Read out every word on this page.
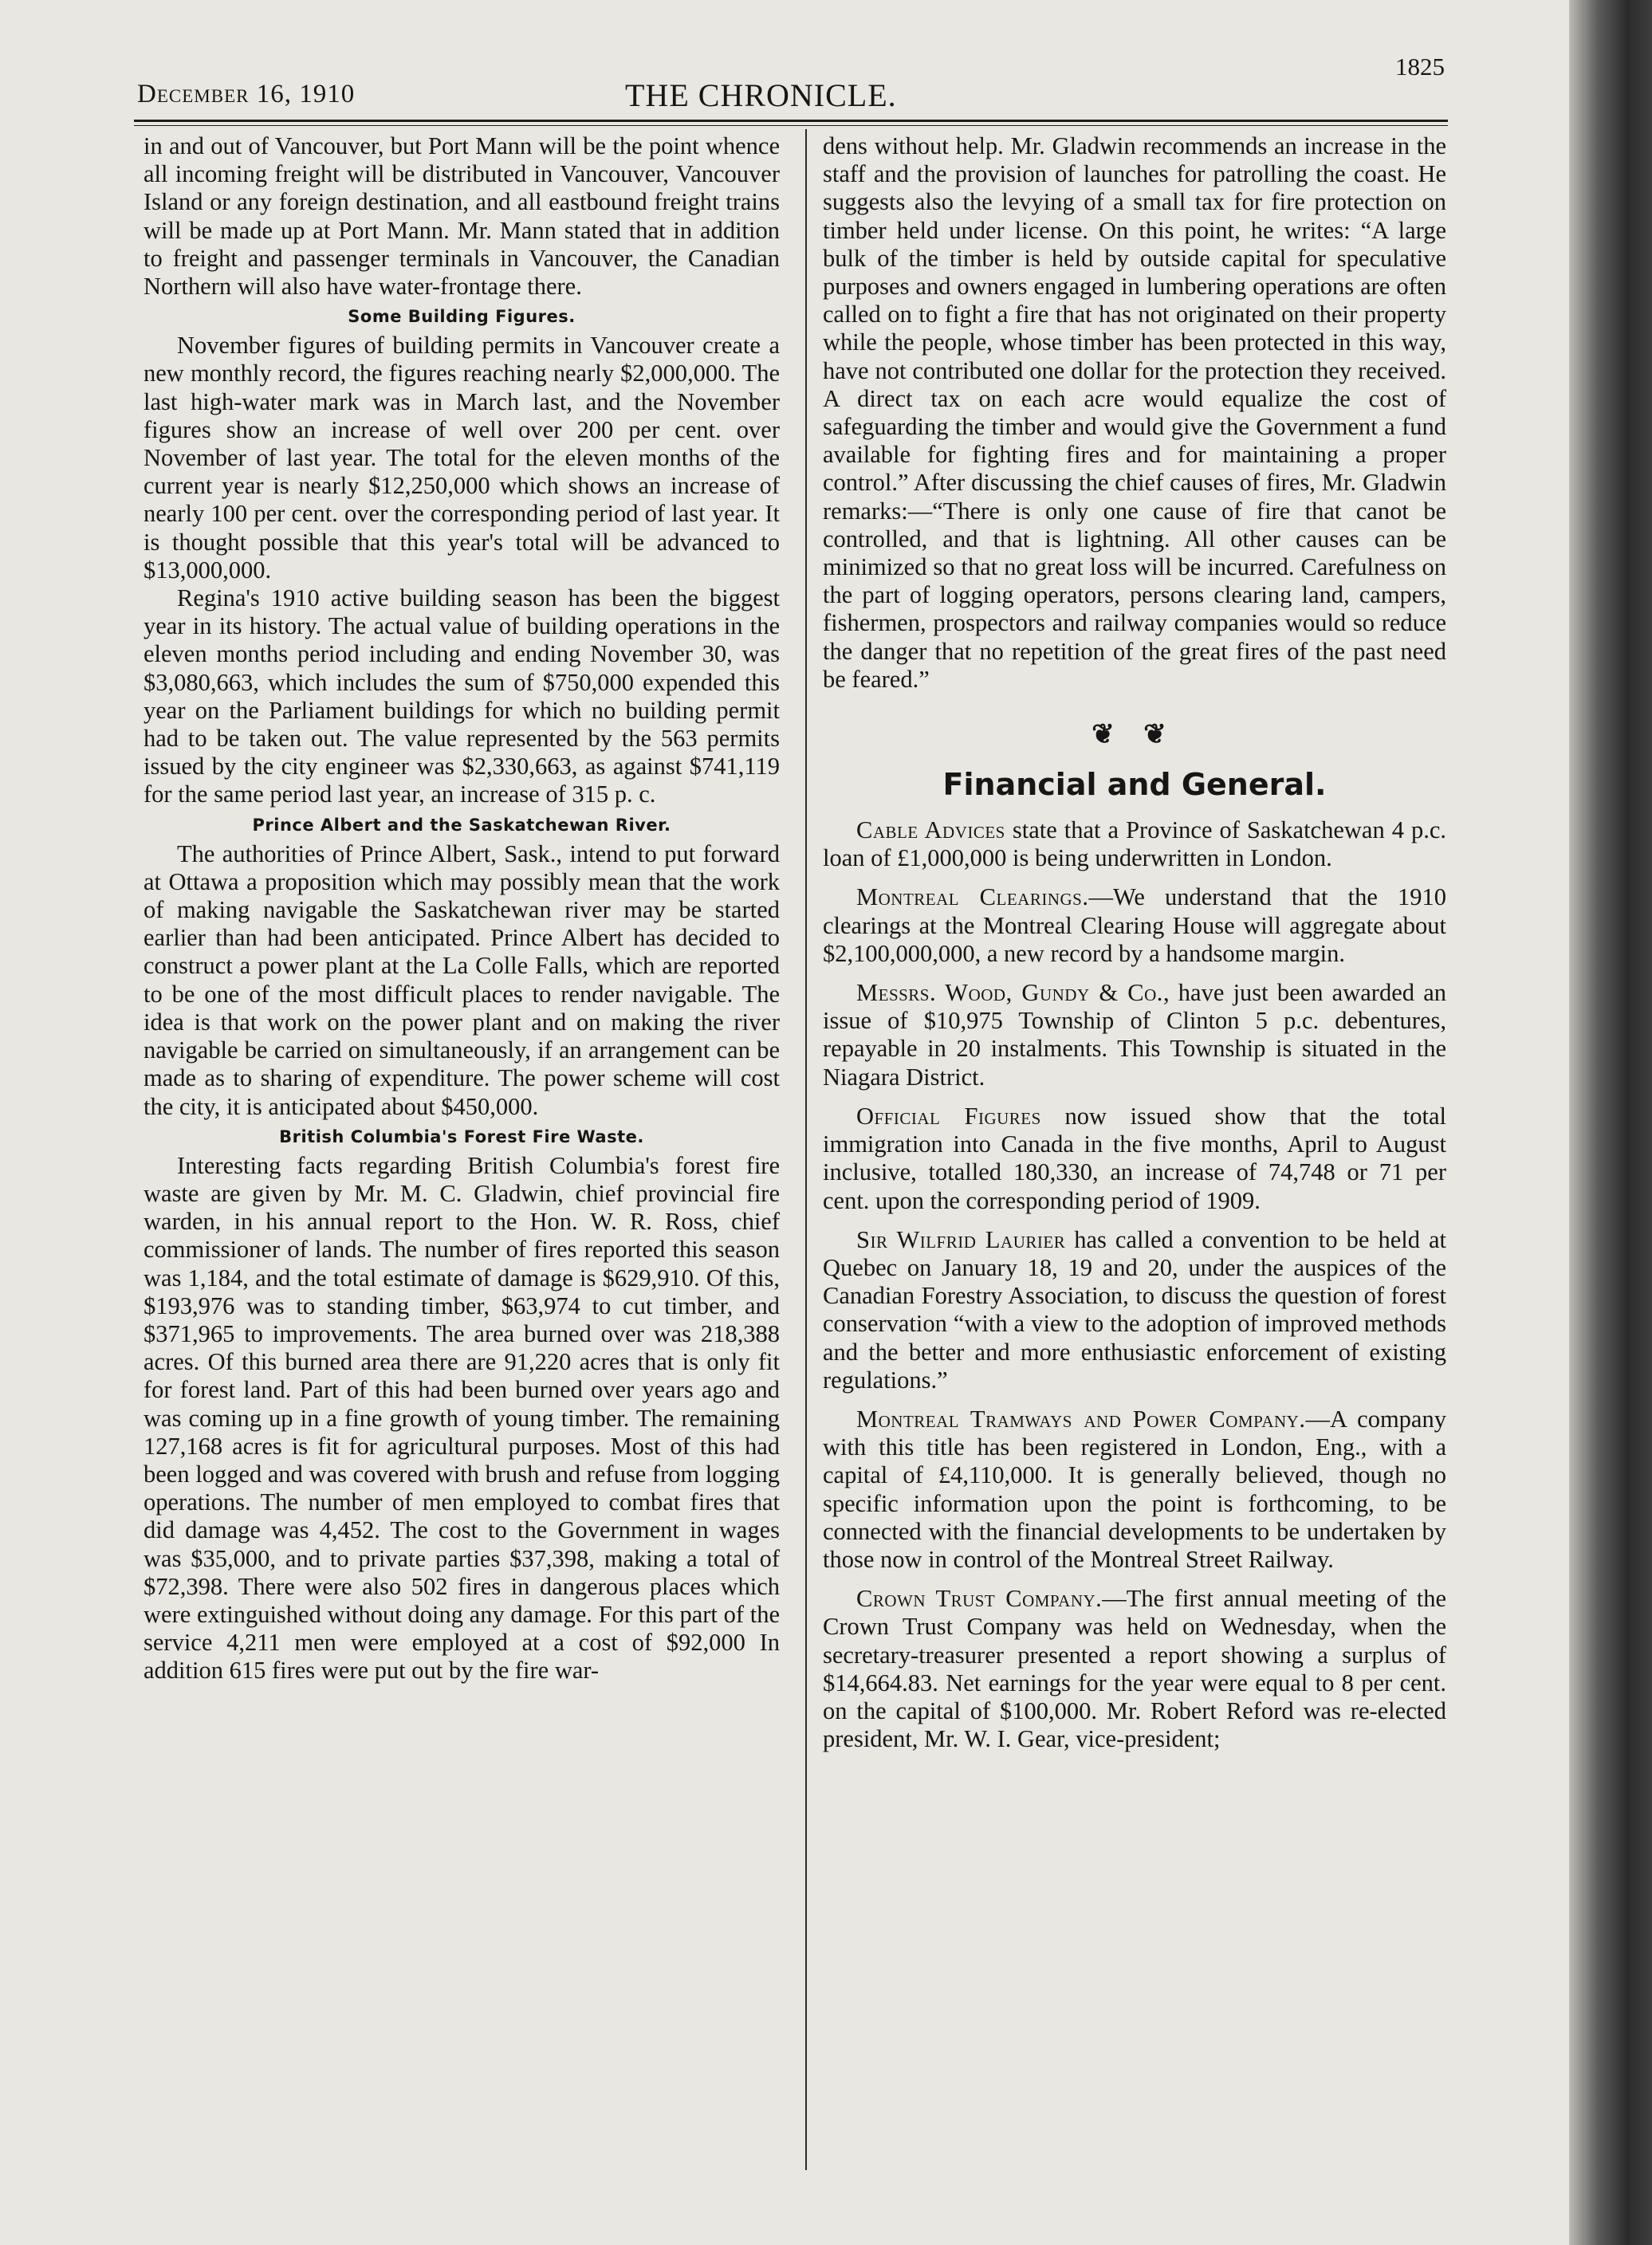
December 16, 1910	THE CHRONICLE.
1825

in and out of Vancouver, but Port Mann will be the point whence all incoming freight will be distributed in Vancouver, Vancouver Island or any foreign destination, and all eastbound freight trains will be made up at Port Mann. Mr. Mann stated that in addition to freight and passenger terminals in Vancouver, the Canadian Northern will also have water-frontage there.

Some Building Figures.

November figures of building permits in Vancouver create a new monthly record, the figures reaching nearly $2,000,000. The last high-water mark was in March last, and the November figures show an increase of well over 200 per cent. over November of last year. The total for the eleven months of the current year is nearly $12,250,000 which shows an increase of nearly 100 per cent. over the corresponding period of last year. It is thought possible that this year's total will be advanced to $13,000,000.

Regina's 1910 active building season has been the biggest year in its history. The actual value of building operations in the eleven months period including and ending November 30, was $3,080,663, which includes the sum of $750,000 expended this year on the Parliament buildings for which no building permit had to be taken out. The value represented by the 563 permits issued by the city engineer was $2,330,663, as against $741,119 for the same period last year, an increase of 315 p. c.

Prince Albert and the Saskatchewan River.

The authorities of Prince Albert, Sask., intend to put forward at Ottawa a proposition which may possibly mean that the work of making navigable the Saskatchewan river may be started earlier than had been anticipated. Prince Albert has decided to construct a power plant at the La Colle Falls, which are reported to be one of the most difficult places to render navigable. The idea is that work on the power plant and on making the river navigable be carried on simultaneously, if an arrangement can be made as to sharing of expenditure. The power scheme will cost the city, it is anticipated about $450,000.

British Columbia's Forest Fire Waste.

Interesting facts regarding British Columbia's forest fire waste are given by Mr. M. C. Gladwin, chief provincial fire warden, in his annual report to the Hon. W. R. Ross, chief commissioner of lands. The number of fires reported this season was 1,184, and the total estimate of damage is $629,910. Of this, $193,976 was to standing timber, $63,974 to cut timber, and $371,965 to improvements. The area burned over was 218,388 acres. Of this burned area there are 91,220 acres that is only fit for forest land. Part of this had been burned over years ago and was coming up in a fine growth of young timber. The remaining 127,168 acres is fit for agricultural purposes. Most of this had been logged and was covered with brush and refuse from logging operations. The number of men employed to combat fires that did damage was 4,452. The cost to the Government in wages was $35,000, and to private parties $37,398, making a total of $72,398. There were also 502 fires in dangerous places which were extinguished without doing any damage. For this part of the service 4,211 men were employed at a cost of $92,000 In addition 615 fires were put out by the fire war-

dens without help. Mr. Gladwin recommends an increase in the staff and the provision of launches for patrolling the coast. He suggests also the levying of a small tax for fire protection on timber held under license. On this point, he writes: “A large bulk of the timber is held by outside capital for speculative purposes and owners engaged in lumbering operations are often called on to fight a fire that has not originated on their property while the people, whose timber has been protected in this way, have not contributed one dollar for the protection they received. A direct tax on each acre would equalize the cost of safeguarding the timber and would give the Government a fund available for fighting fires and for maintaining a proper control.” After discussing the chief causes of fires, Mr. Gladwin remarks:—“There is only one cause of fire that canot be controlled, and that is lightning. All other causes can be minimized so that no great loss will be incurred. Carefulness on the part of logging operators, persons clearing land, campers, fishermen, prospectors and railway companies would so reduce the danger that no repetition of the great fires of the past need be feared.”

❦ ❦
Financial and General.

Cable Advices state that a Province of Saskatchewan 4 p.c. loan of £1,000,000 is being underwritten in London.

Montreal Clearings.—We understand that the 1910 clearings at the Montreal Clearing House will aggregate about $2,100,000,000, a new record by a handsome margin.

Messrs. Wood, Gundy & Co., have just been awarded an issue of $10,975 Township of Clinton 5 p.c. debentures, repayable in 20 instalments. This Township is situated in the Niagara District.

Official Figures now issued show that the total immigration into Canada in the five months, April to August inclusive, totalled 180,330, an increase of 74,748 or 71 per cent. upon the corresponding period of 1909.

Sir Wilfrid Laurier has called a convention to be held at Quebec on January 18, 19 and 20, under the auspices of the Canadian Forestry Association, to discuss the question of forest conservation “with a view to the adoption of improved methods and the better and more enthusiastic enforcement of existing regulations.”

Montreal Tramways and Power Company.—A company with this title has been registered in London, Eng., with a capital of £4,110,000. It is generally believed, though no specific information upon the point is forthcoming, to be connected with the financial developments to be undertaken by those now in control of the Montreal Street Railway.

Crown Trust Company.—The first annual meeting of the Crown Trust Company was held on Wednesday, when the secretary-treasurer presented a report showing a surplus of $14,664.83. Net earnings for the year were equal to 8 per cent. on the capital of $100,000. Mr. Robert Reford was re-elected president, Mr. W. I. Gear, vice-president;
